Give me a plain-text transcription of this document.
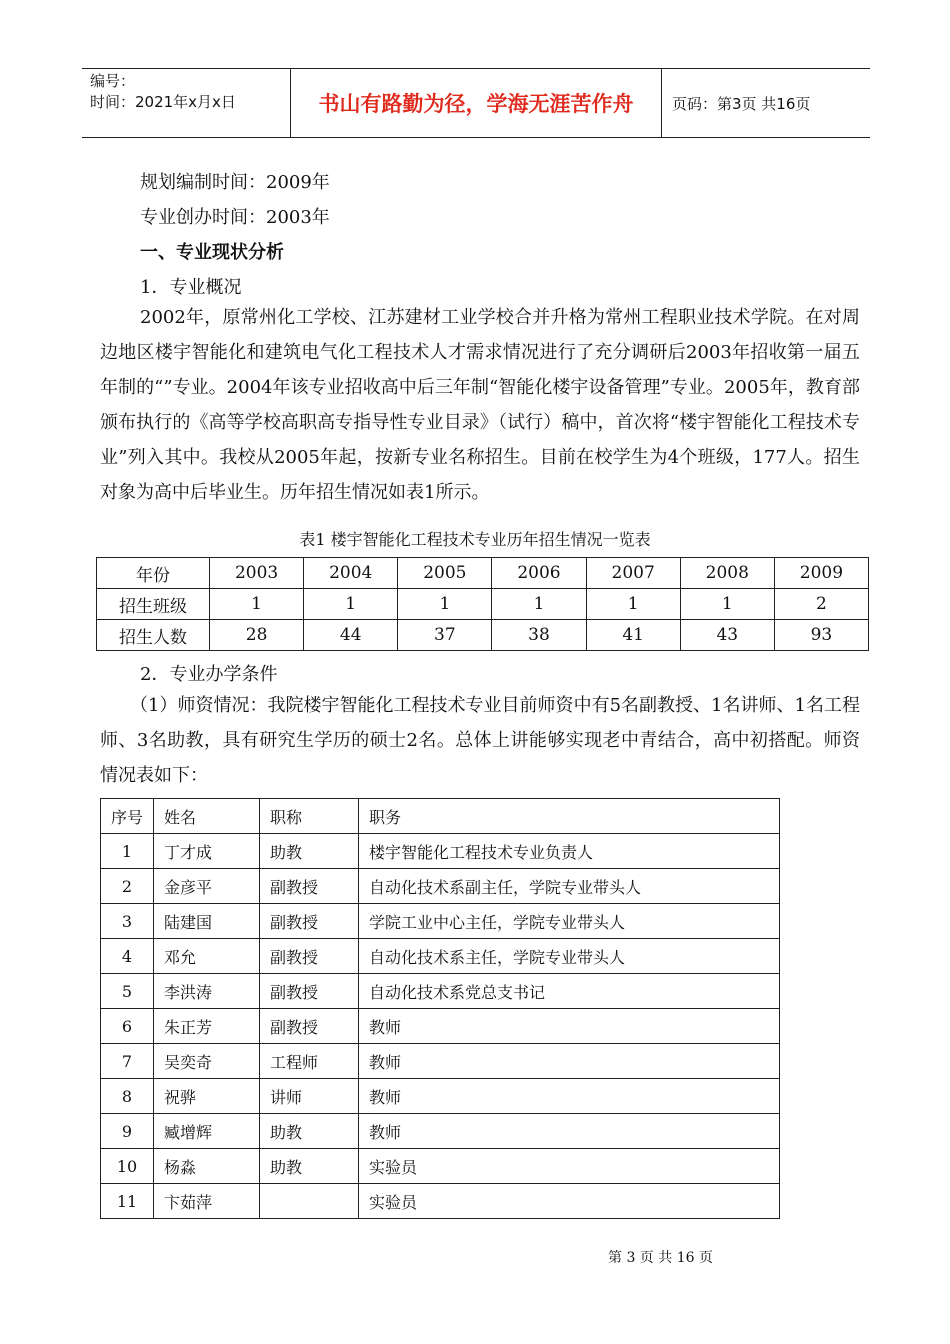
编号：
时间：2021年x月x日	书山有路勤为径，学海无涯苦作舟	页码：第3页 共16页
规划编制时间：2009年
专业创办时间：2003年
一、专业现状分析
1．专业概况
2002年，原常州化工学校、江苏建材工业学校合并升格为常州工程职业技术学院。在对周边地区楼宇智能化和建筑电气化工程技术人才需求情况进行了充分调研后2003年招收第一届五年制的“”专业。2004年该专业招收高中后三年制“智能化楼宇设备管理”专业。2005年，教育部颁布执行的《高等学校高职高专指导性专业目录》（试行）稿中，首次将“楼宇智能化工程技术专业”列入其中。我校从2005年起，按新专业名称招生。目前在校学生为4个班级，177人。招生对象为高中后毕业生。历年招生情况如表1所示。
表1 楼宇智能化工程技术专业历年招生情况一览表
年份	2003	2004	2005	2006	2007	2008	2009
招生班级	1	1	1	1	1	1	2
招生人数	28	44	37	38	41	43	93
2．专业办学条件
（1）师资情况：我院楼宇智能化工程技术专业目前师资中有5名副教授、1名讲师、1名工程师、3名助教，具有研究生学历的硕士2名。总体上讲能够实现老中青结合，高中初搭配。师资情况表如下：
序号	姓名	职称	职务
1	丁才成	助教	楼宇智能化工程技术专业负责人
2	金彦平	副教授	自动化技术系副主任，学院专业带头人
3	陆建国	副教授	学院工业中心主任，学院专业带头人
4	邓允	副教授	自动化技术系主任，学院专业带头人
5	李洪涛	副教授	自动化技术系党总支书记
6	朱正芳	副教授	教师
7	吴奕奇	工程师	教师
8	祝骅	讲师	教师
9	臧增辉	助教	教师
10	杨淼	助教	实验员
11	卞茹萍		实验员
第 3 页 共 16 页
